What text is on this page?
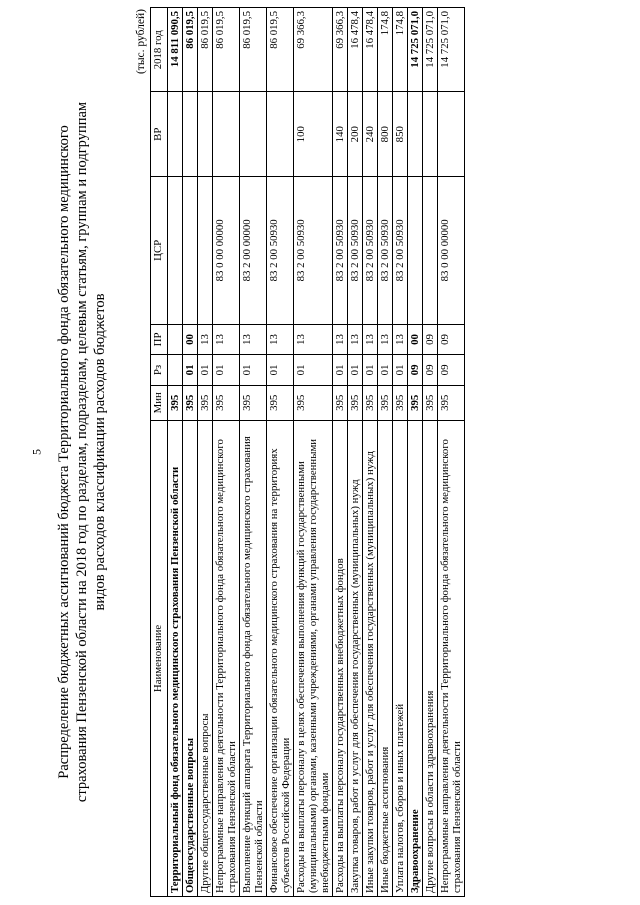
5 Распределение бюджетных ассигнований бюджета Территориального фонда обязательного медицинского страхования Пензенской области на 2018 год по разделам, подразделам, целевым статьям, группам и подгруппам видов расходов классификации расходов бюджетов
(тыс. рублей)
Наименование	Мин	Рз	ПР	ЦСР	ВР	2018 год
Территориальный фонд обязательного медицинского страхования Пензенской области	395					14 811 090,5
Общегосударственные вопросы	395	01	00			86 019,5
Другие общегосударственные вопросы	395	01	13			86 019,5
Непрограммные направления деятельности Территориального фонда обязательного медицинского страхования Пензенской области	395	01	13	83 0 00 00000		86 019,5
Выполнение функций аппарата Территориального фонда обязательного медицинского страхования Пензенской области	395	01	13	83 2 00 00000		86 019,5
Финансовое обеспечение организации обязательного медицинского страхования на территориях субъектов Российской Федерации	395	01	13	83 2 00 50930		86 019,5
Расходы на выплаты персоналу в целях обеспечения выполнения функций государственными (муниципальными) органами, казенными учреждениями, органами управления государственными внебюджетными фондами	395	01	13	83 2 00 50930	100	69 366,3
Расходы на выплаты персоналу государственных внебюджетных фондов	395	01	13	83 2 00 50930	140	69 366,3
Закупка товаров, работ и услуг для обеспечения государственных (муниципальных) нужд	395	01	13	83 2 00 50930	200	16 478,4
Иные закупки товаров, работ и услуг для обеспечения государственных (муниципальных) нужд	395	01	13	83 2 00 50930	240	16 478,4
Иные бюджетные ассигнования	395	01	13	83 2 00 50930	800	174,8
Уплата налогов, сборов и иных платежей	395	01	13	83 2 00 50930	850	174,8
Здравоохранение	395	09	00			14 725 071,0
Другие вопросы в области здравоохранения	395	09	09			14 725 071,0
Непрограммные направления деятельности Территориального фонда обязательного медицинского страхования Пензенской области	395	09	09	83 0 00 00000		14 725 071,0
